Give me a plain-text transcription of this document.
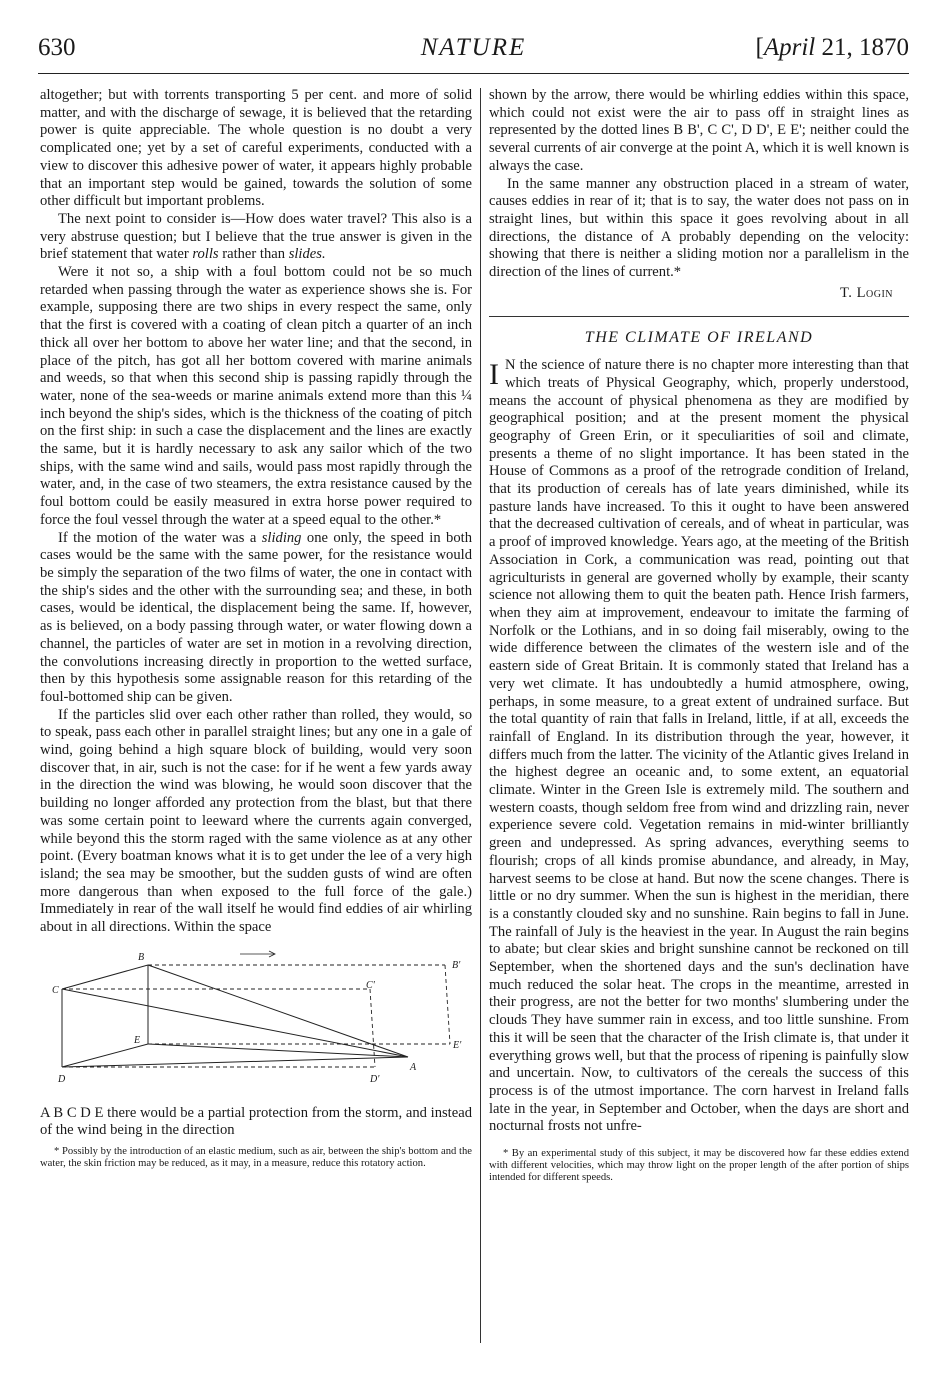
630	NATURE	[April 21, 1870

altogether; but with torrents transporting 5 per cent. and more of solid matter, and with the discharge of sewage, it is believed that the retarding power is quite appreciable. The whole question is no doubt a very complicated one; yet by a set of careful experiments, conducted with a view to discover this adhesive power of water, it appears highly probable that an important step would be gained, towards the solution of some other difficult but important problems.

The next point to consider is—How does water travel? This also is a very abstruse question; but I believe that the true answer is given in the brief statement that water rolls rather than slides.

Were it not so, a ship with a foul bottom could not be so much retarded when passing through the water as experience shows she is. For example, supposing there are two ships in every respect the same, only that the first is covered with a coating of clean pitch a quarter of an inch thick all over her bottom to above her water line; and that the second, in place of the pitch, has got all her bottom covered with marine animals and weeds, so that when this second ship is passing rapidly through the water, none of the sea-weeds or marine animals extend more than this ¼ inch beyond the ship's sides, which is the thickness of the coating of pitch on the first ship: in such a case the displacement and the lines are exactly the same, but it is hardly necessary to ask any sailor which of the two ships, with the same wind and sails, would pass most rapidly through the water, and, in the case of two steamers, the extra resistance caused by the foul bottom could be easily measured in extra horse power required to force the foul vessel through the water at a speed equal to the other.*

If the motion of the water was a sliding one only, the speed in both cases would be the same with the same power, for the resistance would be simply the separation of the two films of water, the one in contact with the ship's sides and the other with the surrounding sea; and these, in both cases, would be identical, the displacement being the same. If, however, as is believed, on a body passing through water, or water flowing down a channel, the particles of water are set in motion in a revolving direction, the convolutions increasing directly in proportion to the wetted surface, then by this hypothesis some assignable reason for this retarding of the foul-bottomed ship can be given.

If the particles slid over each other rather than rolled, they would, so to speak, pass each other in parallel straight lines; but any one in a gale of wind, going behind a high square block of building, would very soon discover that, in air, such is not the case: for if he went a few yards away in the direction the wind was blowing, he would soon discover that the building no longer afforded any protection from the blast, but that there was some certain point to leeward where the currents again converged, while beyond this the storm raged with the same violence as at any other point. (Every boatman knows what it is to get under the lee of a very high island; the sea may be smoother, but the sudden gusts of wind are often more dangerous than when exposed to the full force of the gale.) Immediately in rear of the wall itself he would find eddies of air whirling about in all directions. Within the space

B
B'
C	C'
E	E'
D	D'
A

A B C D E there would be a partial protection from the storm, and instead of the wind being in the direction

* Possibly by the introduction of an elastic medium, such as air, between the ship's bottom and the water, the skin friction may be reduced, as it may, in a measure, reduce this rotatory action.

shown by the arrow, there would be whirling eddies within this space, which could not exist were the air to pass off in straight lines as represented by the dotted lines B B', C C', D D', E E'; neither could the several currents of air converge at the point A, which it is well known is always the case.

In the same manner any obstruction placed in a stream of water, causes eddies in rear of it; that is to say, the water does not pass on in straight lines, but within this space it goes revolving about in all directions, the distance of A probably depending on the velocity: showing that there is neither a sliding motion nor a parallelism in the direction of the lines of current.*

T. Login
THE CLIMATE OF IRELAND

I N the science of nature there is no chapter more interesting than that which treats of Physical Geography, which, properly understood, means the account of physical phenomena as they are modified by geographical position; and at the present moment the physical geography of Green Erin, or it speculiarities of soil and climate, presents a theme of no slight importance. It has been stated in the House of Commons as a proof of the retrograde condition of Ireland, that its production of cereals has of late years diminished, while its pasture lands have increased. To this it ought to have been answered that the decreased cultivation of cereals, and of wheat in particular, was a proof of improved knowledge. Years ago, at the meeting of the British Association in Cork, a communication was read, pointing out that agriculturists in general are governed wholly by example, their scanty science not allowing them to quit the beaten path. Hence Irish farmers, when they aim at improvement, endeavour to imitate the farming of Norfolk or the Lothians, and in so doing fail miserably, owing to the wide difference between the climates of the western isle and of the eastern side of Great Britain. It is commonly stated that Ireland has a very wet climate. It has undoubtedly a humid atmosphere, owing, perhaps, in some measure, to a great extent of undrained surface. But the total quantity of rain that falls in Ireland, little, if at all, exceeds the rainfall of England. In its distribution through the year, however, it differs much from the latter. The vicinity of the Atlantic gives Ireland in the highest degree an oceanic and, to some extent, an equatorial climate. Winter in the Green Isle is extremely mild. The southern and western coasts, though seldom free from wind and drizzling rain, never experience severe cold. Vegetation remains in mid-winter brilliantly green and undepressed. As spring advances, everything seems to flourish; crops of all kinds promise abundance, and already, in May, harvest seems to be close at hand. But now the scene changes. There is little or no dry summer. When the sun is highest in the meridian, there is a constantly clouded sky and no sunshine. Rain begins to fall in June. The rainfall of July is the heaviest in the year. In August the rain begins to abate; but clear skies and bright sunshine cannot be reckoned on till September, when the shortened days and the sun's declination have much reduced the solar heat. The crops in the meantime, arrested in their progress, are not the better for two months' slumbering under the clouds They have summer rain in excess, and too little sunshine. From this it will be seen that the character of the Irish climate is, that under it everything grows well, but that the process of ripening is painfully slow and uncertain. Now, to cultivators of the cereals the success of this process is of the utmost importance. The corn harvest in Ireland falls late in the year, in September and October, when the days are short and nocturnal frosts not unfre-

* By an experimental study of this subject, it may be discovered how far these eddies extend with different velocities, which may throw light on the proper length of the after portion of ships intended for different speeds.
